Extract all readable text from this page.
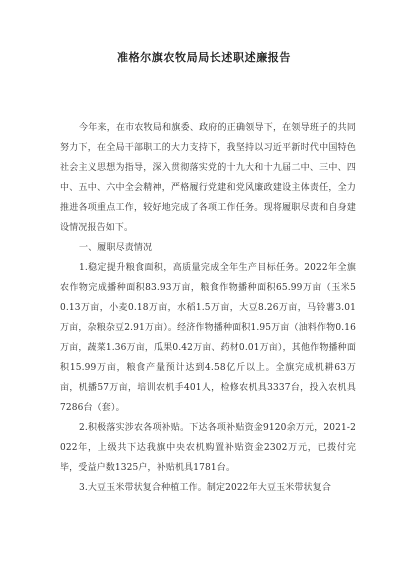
准格尔旗农牧局局长述职述廉报告

今年来，在市农牧局和旗委、政府的正确领导下，在领导班子的共同努力下，在全局干部职工的大力支持下，我坚持以习近平新时代中国特色社会主义思想为指导，深入贯彻落实党的十九大和十九届二中、三中、四中、五中、六中全会精神，严格履行党建和党风廉政建设主体责任，全力推进各项重点工作，较好地完成了各项工作任务。现将履职尽责和自身建设情况报告如下。

一、履职尽责情况

1.稳定提升粮食面积，高质量完成全年生产目标任务。2022年全旗农作物完成播种面积83.93万亩，粮食作物播种面积65.99万亩（玉米50.13万亩，小麦0.18万亩，水稻1.5万亩，大豆8.26万亩，马铃薯3.01万亩，杂粮杂豆2.91万亩）。经济作物播种面积1.95万亩（油料作物0.16万亩，蔬菜1.36万亩，瓜果0.42万亩、药材0.01万亩），其他作物播种面积15.99万亩，粮食产量预计达到4.58亿斤以上。全旗完成机耕63万亩，机播57万亩，培训农机手401人，检修农机具3337台，投入农机具7286台（套）。

2.积极落实涉农各项补贴。下达各项补贴资金9120余万元，2021-2022年，上级共下达我旗中央农机购置补贴资金2302万元，已拨付完毕，受益户数1325户，补贴机具1781台。

3.大豆玉米带状复合种植工作。制定2022年大豆玉米带状复合
